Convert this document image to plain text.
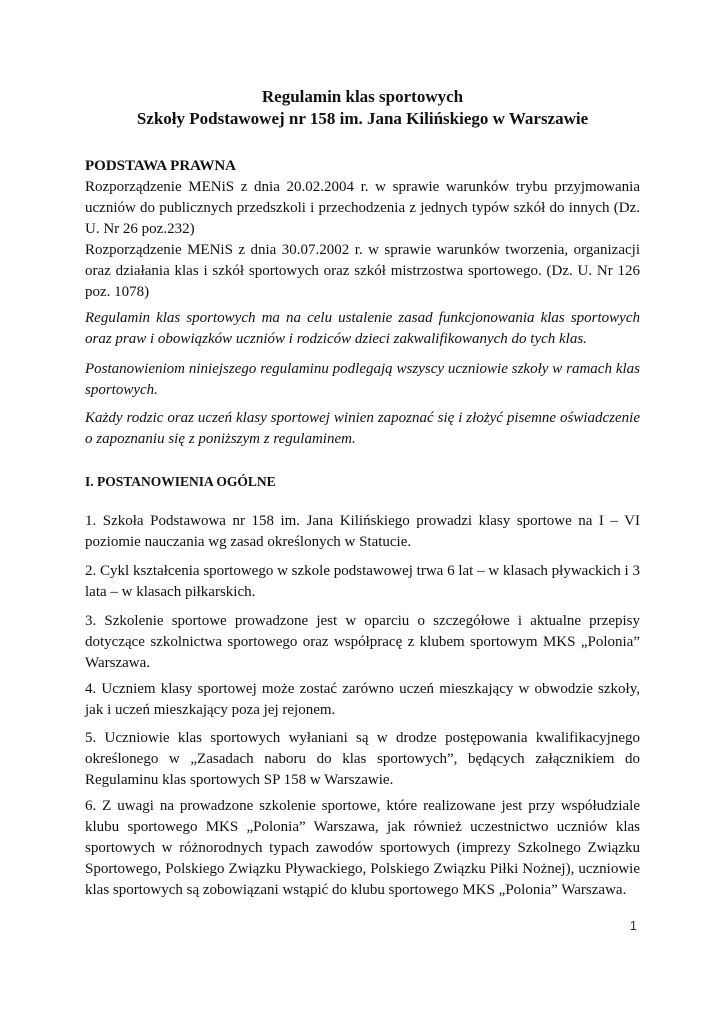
Regulamin klas sportowych
Szkoły Podstawowej nr 158 im. Jana Kilińskiego w Warszawie

PODSTAWA PRAWNA

Rozporządzenie MENiS z dnia 20.02.2004 r. w sprawie warunków trybu przyjmowania uczniów do publicznych przedszkoli i przechodzenia z jednych typów szkół do innych (Dz. U. Nr 26 poz.232)

Rozporządzenie MENiS z dnia 30.07.2002 r. w sprawie warunków tworzenia, organizacji oraz działania klas i szkół sportowych oraz szkół mistrzostwa sportowego. (Dz. U. Nr 126 poz. 1078)

Regulamin klas sportowych ma na celu ustalenie zasad funkcjonowania klas sportowych oraz praw i obowiązków uczniów i rodziców dzieci zakwalifikowanych do tych klas.

Postanowieniom niniejszego regulaminu podlegają wszyscy uczniowie szkoły w ramach klas sportowych.

Każdy rodzic oraz uczeń klasy sportowej winien zapoznać się i złożyć pisemne oświadczenie o zapoznaniu się z poniższym z regulaminem.

I. POSTANOWIENIA OGÓLNE

1. Szkoła Podstawowa nr 158 im. Jana Kilińskiego prowadzi klasy sportowe na I – VI poziomie nauczania wg zasad określonych w Statucie.

2. Cykl kształcenia sportowego w szkole podstawowej trwa 6 lat – w klasach pływackich i 3 lata – w klasach piłkarskich.

3. Szkolenie sportowe prowadzone jest w oparciu o szczegółowe i aktualne przepisy dotyczące szkolnictwa sportowego oraz współpracę z klubem sportowym MKS „Polonia” Warszawa.

4. Uczniem klasy sportowej może zostać zarówno uczeń mieszkający w obwodzie szkoły, jak i uczeń mieszkający poza jej rejonem.

5. Uczniowie klas sportowych wyłaniani są w drodze postępowania kwalifikacyjnego określonego w „Zasadach naboru do klas sportowych”, będących załącznikiem do Regulaminu klas sportowych SP 158 w Warszawie.

6. Z uwagi na prowadzone szkolenie sportowe, które realizowane jest przy współudziale klubu sportowego MKS „Polonia” Warszawa, jak również uczestnictwo uczniów klas sportowych w różnorodnych typach zawodów sportowych (imprezy Szkolnego Związku Sportowego, Polskiego Związku Pływackiego, Polskiego Związku Piłki Nożnej), uczniowie klas sportowych są zobowiązani wstąpić do klubu sportowego MKS „Polonia” Warszawa.

1
